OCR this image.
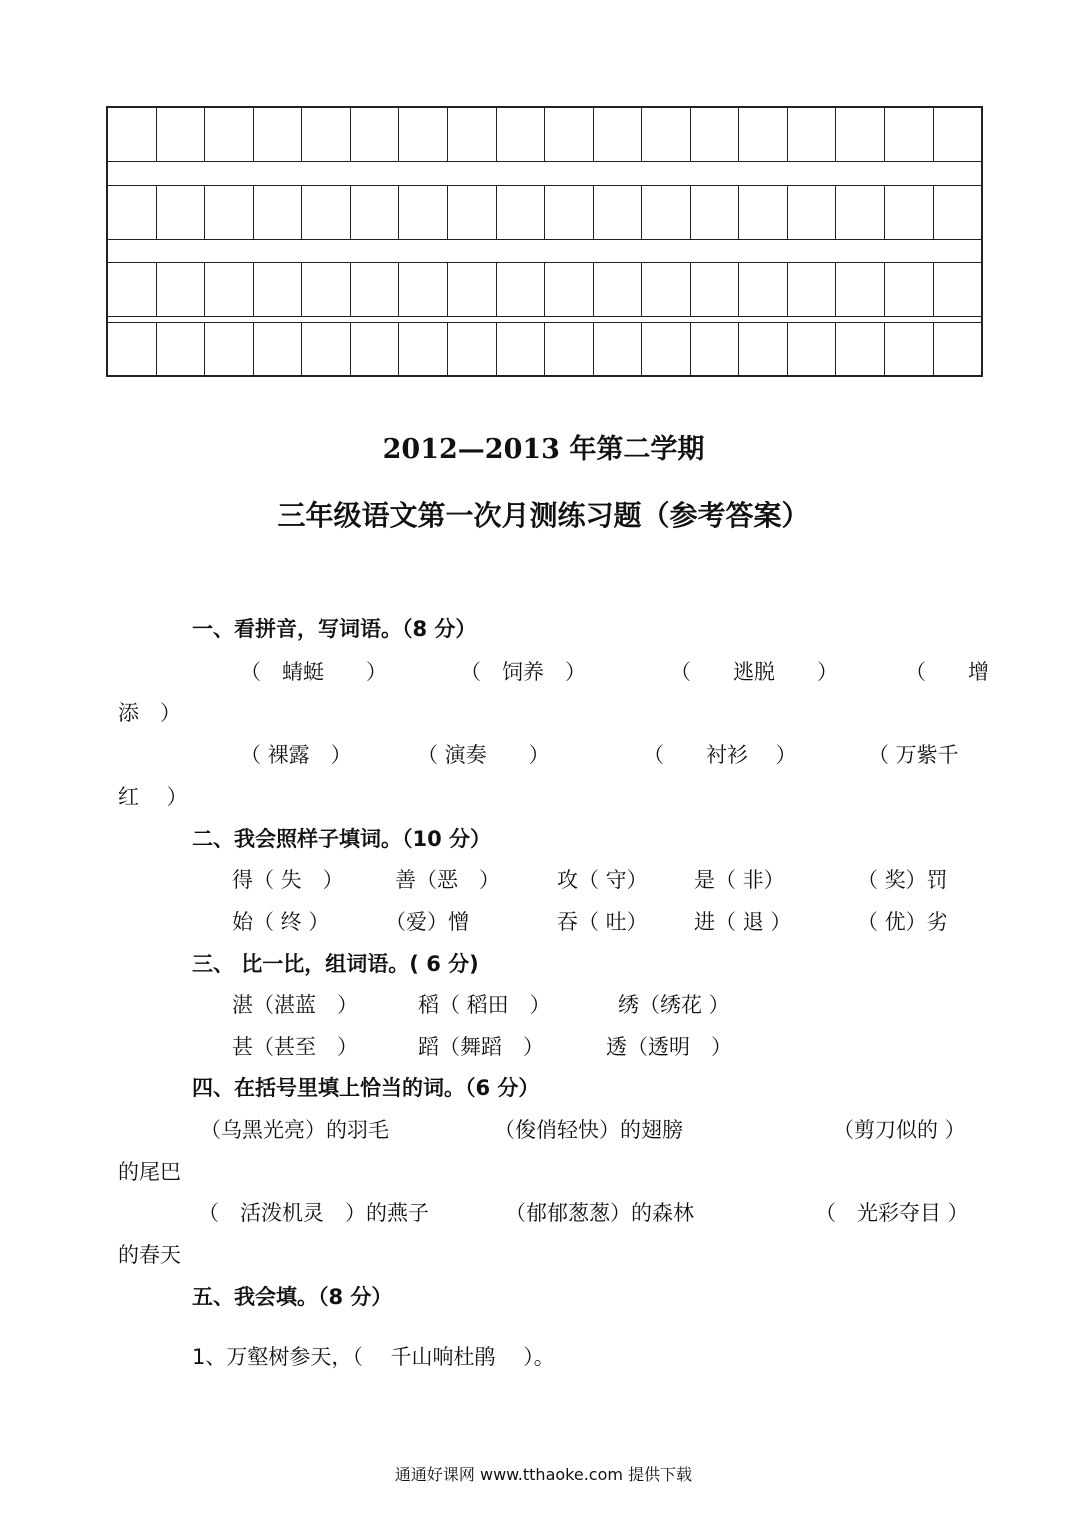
2012—2013 年第二学期
三年级语文第一次月测练习题（参考答案）
一、看拼音，写词语。（8 分）
（　蜻蜓　　）	（　饲养　）	（　　逃脱　　）	（　　增
添　）
（ 裸露　）	（ 演奏　　）	（　　衬衫　 ）	（ 万紫千
红　 ）
二、我会照样子填词。（10 分）
得（ 失　） 善（恶　）	攻（ 守） 是（ 非）	（ 奖）罚
始（ 终 ）	（爱）憎	吞（ 吐） 进（ 退 ）	（ 优）劣
三、 比一比，组词语。( 6 分)
湛（湛蓝　）	稻（ 稻田　）	绣（绣花 ）
甚（甚至　）	蹈（舞蹈　）	透（透明　）
四、在括号里填上恰当的词。（6 分）
（乌黑光亮）的羽毛	（俊俏轻快）的翅膀	（剪刀似的 ）
的尾巴
（　活泼机灵　）的燕子	（郁郁葱葱）的森林	（　光彩夺目 ）
的春天
五、我会填。（8 分）
1、万壑树参天，（　 千山响杜鹃　 ）。
通通好课网 www.tthaoke.com 提供下载
